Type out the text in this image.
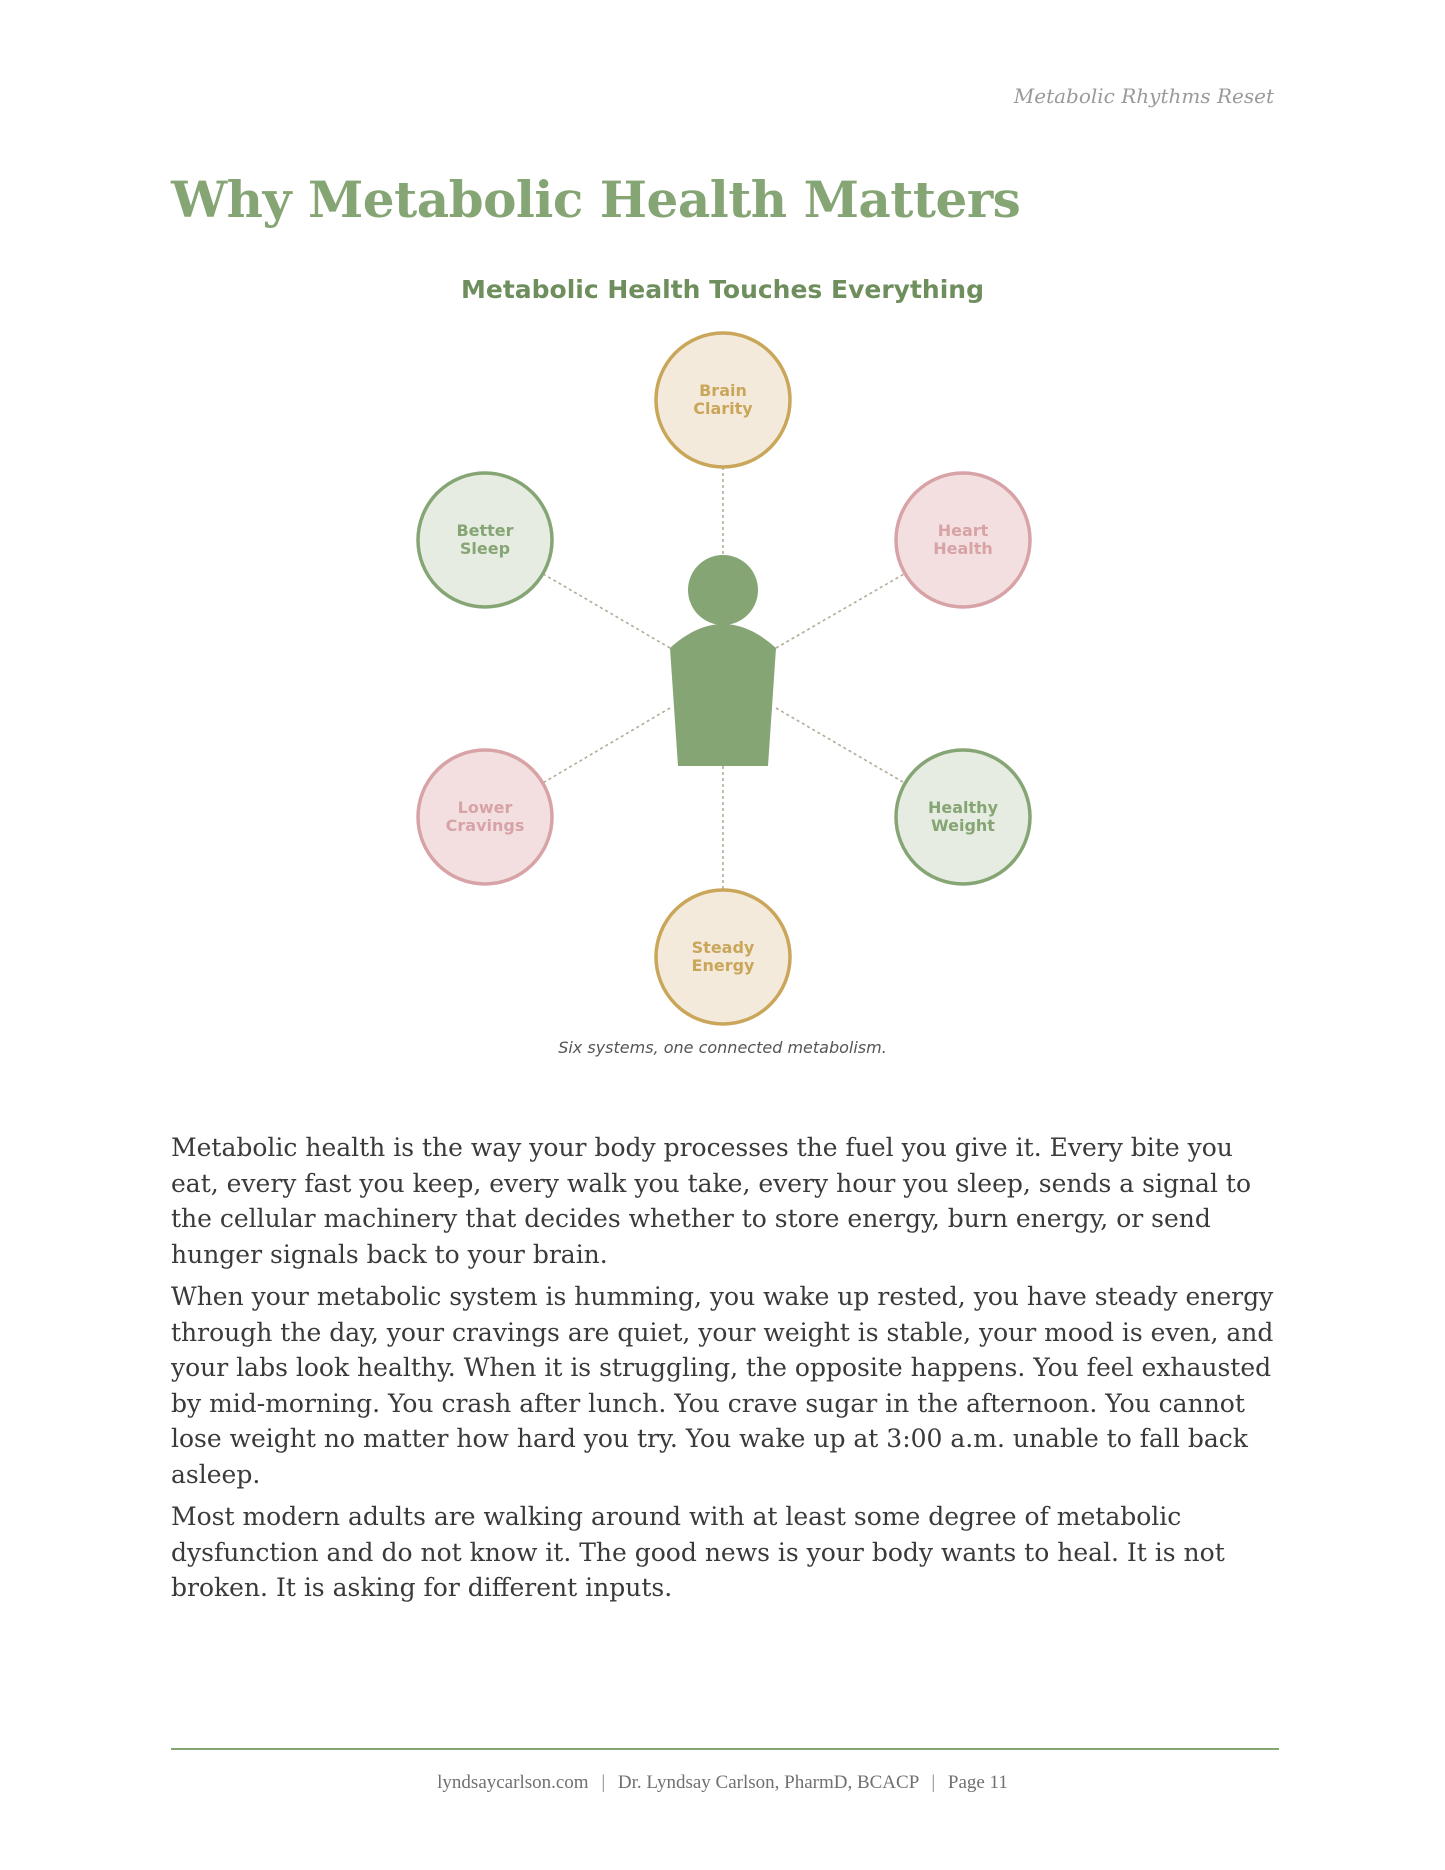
Metabolic Rhythms Reset
Why Metabolic Health Matters
Metabolic Health Touches Everything
Brain
Clarity
Heart
Health
Healthy
Weight
Steady
Energy
Lower
Cravings
Better
Sleep
Six systems, one connected metabolism.

Metabolic health is the way your body processes the fuel you give it. Every bite you eat, every fast you keep, every walk you take, every hour you sleep, sends a signal to the cellular machinery that decides whether to store energy, burn energy, or send hunger signals back to your brain.

When your metabolic system is humming, you wake up rested, you have steady energy through the day, your cravings are quiet, your weight is stable, your mood is even, and your labs look healthy. When it is struggling, the opposite happens. You feel exhausted by mid-morning. You crash after lunch. You crave sugar in the afternoon. You cannot lose weight no matter how hard you try. You wake up at 3:00 a.m. unable to fall back asleep.

Most modern adults are walking around with at least some degree of metabolic dysfunction and do not know it. The good news is your body wants to heal. It is not broken. It is asking for different inputs.

lyndsaycarlson.com | Dr. Lyndsay Carlson, PharmD, BCACP | Page 11
